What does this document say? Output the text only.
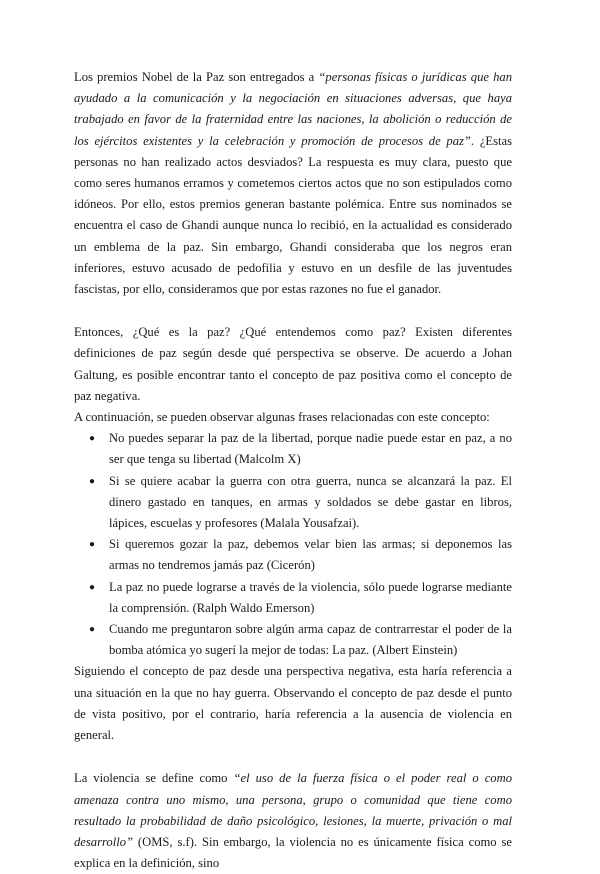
Los premios Nobel de la Paz son entregados a “personas físicas o jurídicas que han ayudado a la comunicación y la negociación en situaciones adversas, que haya trabajado en favor de la fraternidad entre las naciones, la abolición o reducción de los ejércitos existentes y la celebración y promoción de procesos de paz”. ¿Estas personas no han realizado actos desviados? La respuesta es muy clara, puesto que como seres humanos erramos y cometemos ciertos actos que no son estipulados como idóneos. Por ello, estos premios generan bastante polémica. Entre sus nominados se encuentra el caso de Ghandi aunque nunca lo recibió, en la actualidad es considerado un emblema de la paz. Sin embargo, Ghandi consideraba que los negros eran inferiores, estuvo acusado de pedofilia y estuvo en un desfile de las juventudes fascistas, por ello, consideramos que por estas razones no fue el ganador.

Entonces, ¿Qué es la paz? ¿Qué entendemos como paz? Existen diferentes definiciones de paz según desde qué perspectiva se observe. De acuerdo a Johan Galtung, es posible encontrar tanto el concepto de paz positiva como el concepto de paz negativa.

A continuación, se pueden observar algunas frases relacionadas con este concepto:

● No puedes separar la paz de la libertad, porque nadie puede estar en paz, a no ser que tenga su libertad (Malcolm X)
● Si se quiere acabar la guerra con otra guerra, nunca se alcanzará la paz. El dinero gastado en tanques, en armas y soldados se debe gastar en libros, lápices, escuelas y profesores (Malala Yousafzai).
● Si queremos gozar la paz, debemos velar bien las armas; si deponemos las armas no tendremos jamás paz (Cicerón)
● La paz no puede lograrse a través de la violencia, sólo puede lograrse mediante la comprensión. (Ralph Waldo Emerson)
● Cuando me preguntaron sobre algún arma capaz de contrarrestar el poder de la bomba atómica yo sugerí la mejor de todas: La paz. (Albert Einstein)

Siguiendo el concepto de paz desde una perspectiva negativa, esta haría referencia a una situación en la que no hay guerra. Observando el concepto de paz desde el punto de vista positivo, por el contrario, haría referencia a la ausencia de violencia en general.

La violencia se define como “el uso de la fuerza física o el poder real o como amenaza contra uno mismo, una persona, grupo o comunidad que tiene como resultado la probabilidad de daño psicológico, lesiones, la muerte, privación o mal desarrollo” (OMS, s.f). Sin embargo, la violencia no es únicamente física como se explica en la definición, sino
